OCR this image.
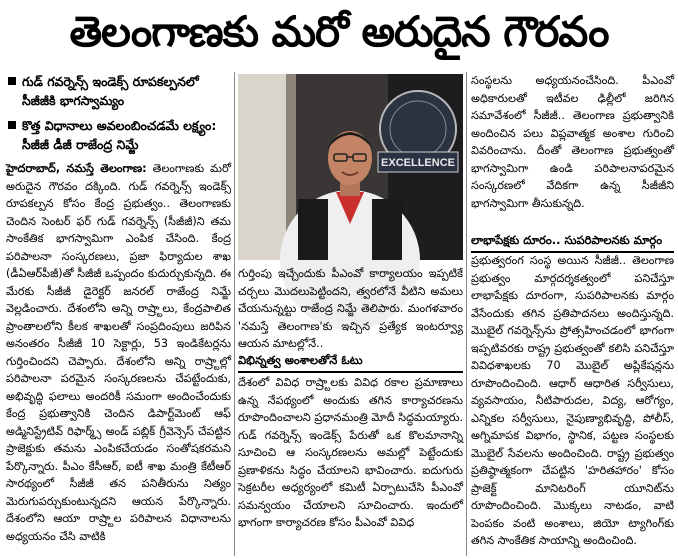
తెలంగాణకు మరో అరుదైన గౌరవం
గుడ్‌ గవర్నెన్స్‌ ఇండెక్స్‌ రూపకల్పనలో సీజీజీకి భాగస్వామ్యం
కొత్త విధానాలు అవలంబించడమే లక్ష్యం: సీజీజీ డీజీ రాజేంద్ర నిమ్జే
హైదరాబాద్‌, నమస్తే తెలంగాణ: తెలంగాణకు మరో అరుదైన గౌరవం దక్కింది. గుడ్‌ గవర్నెన్స్‌ ఇండెక్స్‌ రూపకల్పన కోసం కేంద్ర ప్రభుత్వం.. తెలంగాణకు చెందిన సెంటర్‌ ఫర్‌ గుడ్‌ గవర్నెన్స్‌ (సీజీజీ)ని తమ సాంకేతిక భాగస్వామిగా ఎంపిక చేసింది. కేంద్ర పరిపాలనా సంస్కరణలు, ప్రజా ఫిర్యాదుల శాఖ (డీఏఆర్‌పీజీ)తో సీజీజీ ఒప్పందం కుదుర్చుకున్నది. ఈ మేరకు సీజీజీ డైరెక్టర్‌ జనరల్‌ రాజేంద్ర నిమ్జే వెల్లడించారు. దేశంలోని అన్ని రాష్ర్టాలు, కేంద్రపాలిత ప్రాంతాలలోని కీలక శాఖలతో సంప్రదింపులు జరిపిన అనంతరం సీజీజీ 10 సెక్టార్లు, 53 ఇండికేటర్లను గుర్తించిందని చెప్పారు. దేశంలోని అన్ని రాష్ర్టాల్లో పరిపాలనా పరమైన సంస్కరణలను చేపట్టేందుకు, అభివృద్ధి ఫలాలు అందరికీ సమంగా అందించేందుకు కేంద్ర ప్రభుత్వానికి చెందిన డిపార్ట్‌మెంట్‌ ఆఫ్‌ అడ్మినిస్ట్రేటివ్‌ రిఫార్మ్స్‌ అండ్‌ పబ్లిక్‌ గ్రీవెన్సెస్‌ చేపట్టిన ప్రాజెక్టుకు తమను ఎంపికచేయడం సంతోషకరమని పేర్కొన్నారు. పీఎం కేసీఆర్‌, ఐటీ శాఖ మంత్రి కేటీఆర్‌ సారథ్యంలో సీజీజీ తన పనితీరును నిత్యం మెరుగుపర్చుకుంటున్నదని ఆయన పేర్కొన్నారు. దేశంలోని ఆయా రాష్ర్టాల పరిపాలన విధానాలను అధ్యయనం చేసి వాటికి
EXCELLENCE
గుర్తింపు ఇచ్చేందుకు పీఎంవో కార్యాలయం ఇప్పటికే చర్చలు మొదలుపెట్టిందని, త్వరలోనే వీటిని అమలు చేయనున్నట్టు రాజేంద్ర నిమ్జే తెలిపారు. మంగళవారం 'నమస్తే తెలంగాణ'కు ఇచ్చిన ప్రత్యేక ఇంటర్వ్యూ ఆయన మాటల్లోనే..
విభిన్నత్వ అంశాలతోనే ఓటు
దేశంలో వివిధ రాష్ర్టాలకు వివిధ రకాల ప్రమాణాలు ఉన్న నేపథ్యంలో అందుకు తగిన కార్యాచరణను రూపొందించాలని ప్రధానమంత్రి మోదీ సిద్ధమయ్యారు. గుడ్‌ గవర్నెన్స్‌ ఇండెక్స్‌ పేరుతో ఒక కొలమానాన్ని సూచించి ఆ సంస్కరణలను అమల్లో పెట్టేందుకు ప్రణాళికను సిద్ధం చేయాలని భావించారు. ఐదుగురు సెక్రటరీల అధ్యర్యంలో కమిటీ ఏర్పాటుచేసి పీఎంవో సమన్వయం చేయాలని సూచించారు. ఇందులో భాగంగా కార్యాచరణ కోసం పీఎంవో వివిధ
సంస్థలను అధ్యయనంచేసింది. పీఎంవో అధికారులతో ఇటీవల ఢిల్లీలో జరిగిన సమావేశంలో సీజీజీ.. తెలంగాణ ప్రభుత్వానికి అందించిన పలు విప్లవాత్మక అంశాల గురించి వివరించాను. దీంతో తెలంగాణ ప్రభుత్వంతో భాగస్వామిగా ఉండి పరిపాలనాపరమైన సంస్కరణలో వేదికగా ఉన్న సీజీజీని భాగస్వామిగా తీసుకున్నది.
లాభాపేక్షకు దూరం.. సుపరిపాలనకు మార్గం
ప్రభుత్వరంగ సంస్థ అయిన సీజీజీ.. తెలంగాణ ప్రభుత్వం మార్గదర్శకత్వంలో పనిచేస్తూ లాభాపేక్షకు దూరంగా, సుపరిపాలనకు మార్గం వేసేందుకు తగిన ప్రతిపాదనలు అందిస్తున్నది. మొబైల్‌ గవర్నెన్స్‌ను ప్రోత్సహించడంలో భాగంగా ఇప్పటివరకు రాష్ట్ర ప్రభుత్వంతో కలిసి పనిచేస్తూ వివిధశాఖలకు 70 మొబైల్‌ అప్లికేషన్లను రూపొందించింది. ఆధార్‌ ఆధారిత సర్వీసులు, వ్యవసాయం, నీటిపారుదల, విద్య, ఆరోగ్యం, ఎన్నికల సర్వీసులు, నైపుణ్యాభివృద్ధి, పోలీస్‌, అగ్నిమాపక విభాగం, స్థానిక, పట్టణ సంస్థలకు మొబైల్‌ సేవలను అందించింది. రాష్ట్ర ప్రభుత్వం ప్రతిష్ఠాత్మకంగా చేపట్టిన 'హరితహారం' కోసం ప్రాజెక్ట్‌ మానిటరింగ్‌ యూనిట్‌ను రూపొందించింది. మొక్కలు నాటడం, వాటి పెంపకం వంటి అంశాలు, జియో ట్యాగింగ్‌కు తగిన సాంకేతిక సాయాన్ని అందించింది.
